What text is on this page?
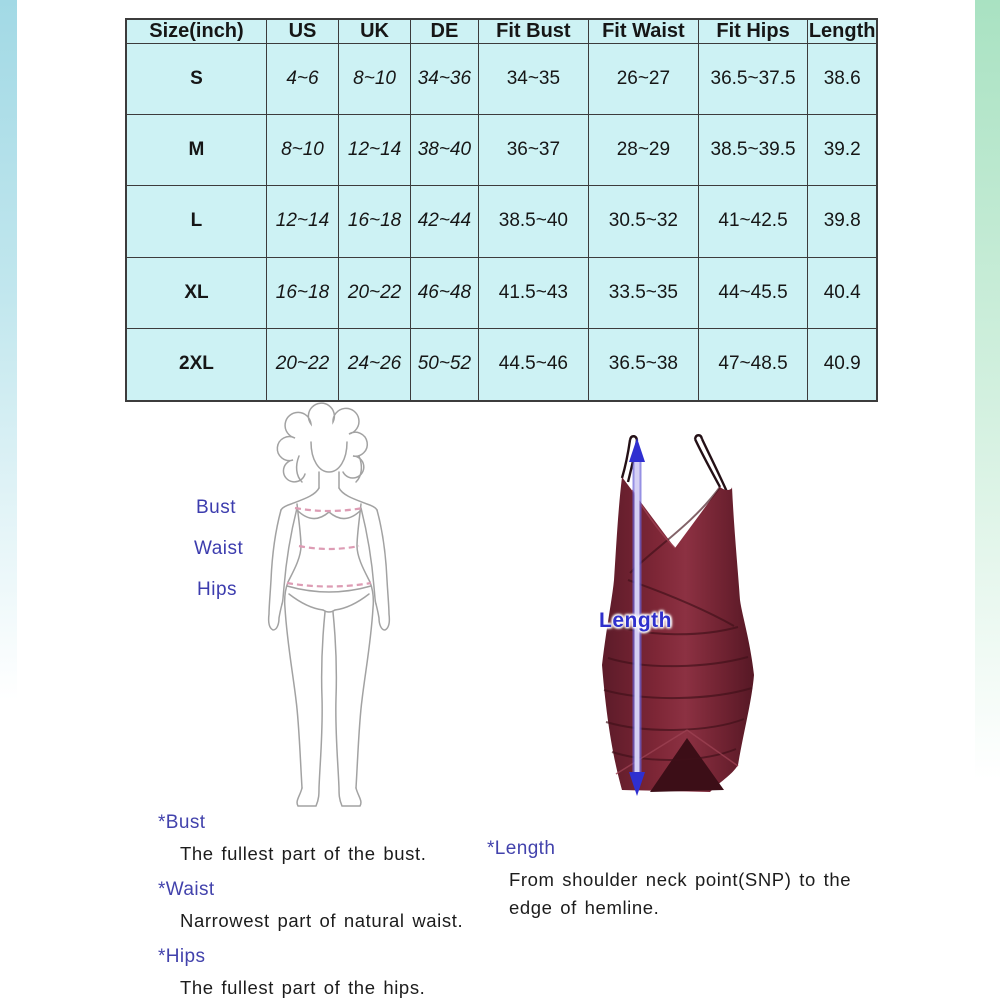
Size(inch)	US	UK	DE	Fit Bust	Fit Waist	Fit Hips	Length
S	4~6	8~10	34~36	34~35	26~27	36.5~37.5	38.6
M	8~10	12~14	38~40	36~37	28~29	38.5~39.5	39.2
L	12~14	16~18	42~44	38.5~40	30.5~32	41~42.5	39.8
XL	16~18	20~22	46~48	41.5~43	33.5~35	44~45.5	40.4
2XL	20~22	24~26	50~52	44.5~46	36.5~38	47~48.5	40.9
Bust
Waist
Hips
Length
*Bust
The fullest part of the bust.
*Waist
Narrowest part of natural waist.
*Hips
The fullest part of the hips.
*Length
From shoulder neck point(SNP) to the edge of hemline.
